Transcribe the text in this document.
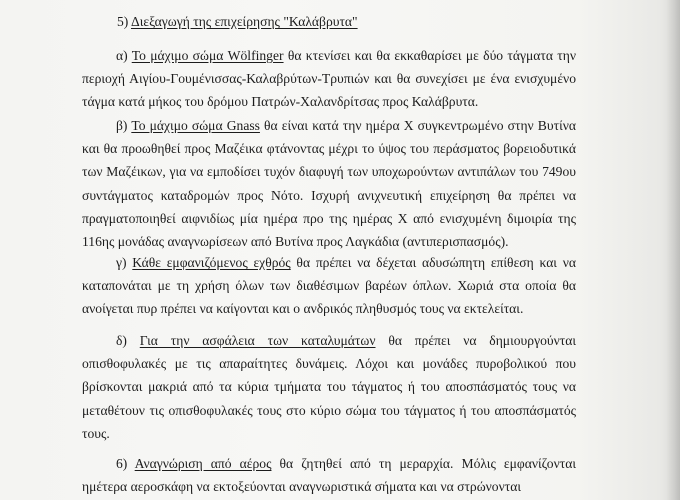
5) Διεξαγωγή της επιχείρησης "Καλάβρυτα"
α) Το μάχιμο σώμα Wölfinger θα κτενίσει και θα εκκαθαρίσει με δύο τάγματα την περιοχή Αιγίου-Γουμένισσας-Καλαβρύτων-Τρυπιών και θα συνεχίσει με ένα ενισχυμένο τάγμα κατά μήκος του δρόμου Πατρών-Χαλανδρίτσας προς Καλάβρυτα.
β) Το μάχιμο σώμα Gnass θα είναι κατά την ημέρα Χ συγκεντρωμένο στην Βυτίνα και θα προωθηθεί προς Μαζέικα φτάνοντας μέχρι το ύψος του περάσματος βορειοδυτικά των Μαζέικων, για να εμποδίσει τυχόν διαφυγή των υποχωρούντων αντιπάλων του 749ου συντάγματος καταδρομών προς Νότο. Ισχυρή ανιχνευτική επιχείρηση θα πρέπει να πραγματοποιηθεί αιφνιδίως μία ημέρα προ της ημέρας Χ από ενισχυμένη διμοιρία της 116ης μονάδας αναγνωρίσεων από Βυτίνα προς Λαγκάδια (αντιπερισπασμός).
γ) Κάθε εμφανιζόμενος εχθρός θα πρέπει να δέχεται αδυσώπητη επίθεση και να καταπονάται με τη χρήση όλων των διαθέσιμων βαρέων όπλων. Χωριά στα οποία θα ανοίγεται πυρ πρέπει να καίγονται και ο ανδρικός πληθυσμός τους να εκτελείται.
δ) Για την ασφάλεια των καταλυμάτων θα πρέπει να δημιουργούνται οπισθοφυλακές με τις απαραίτητες δυνάμεις. Λόχοι και μονάδες πυροβολικού που βρίσκονται μακριά από τα κύρια τμήματα του τάγματος ή του αποσπάσματός τους να μεταθέτουν τις οπισθοφυλακές τους στο κύριο σώμα του τάγματος ή του αποσπάσματός τους.
6) Αναγνώριση από αέρος θα ζητηθεί από τη μεραρχία. Μόλις εμφανίζονται ημέτερα αεροσκάφη να εκτοξεύονται αναγνωριστικά σήματα και να στρώνονται
